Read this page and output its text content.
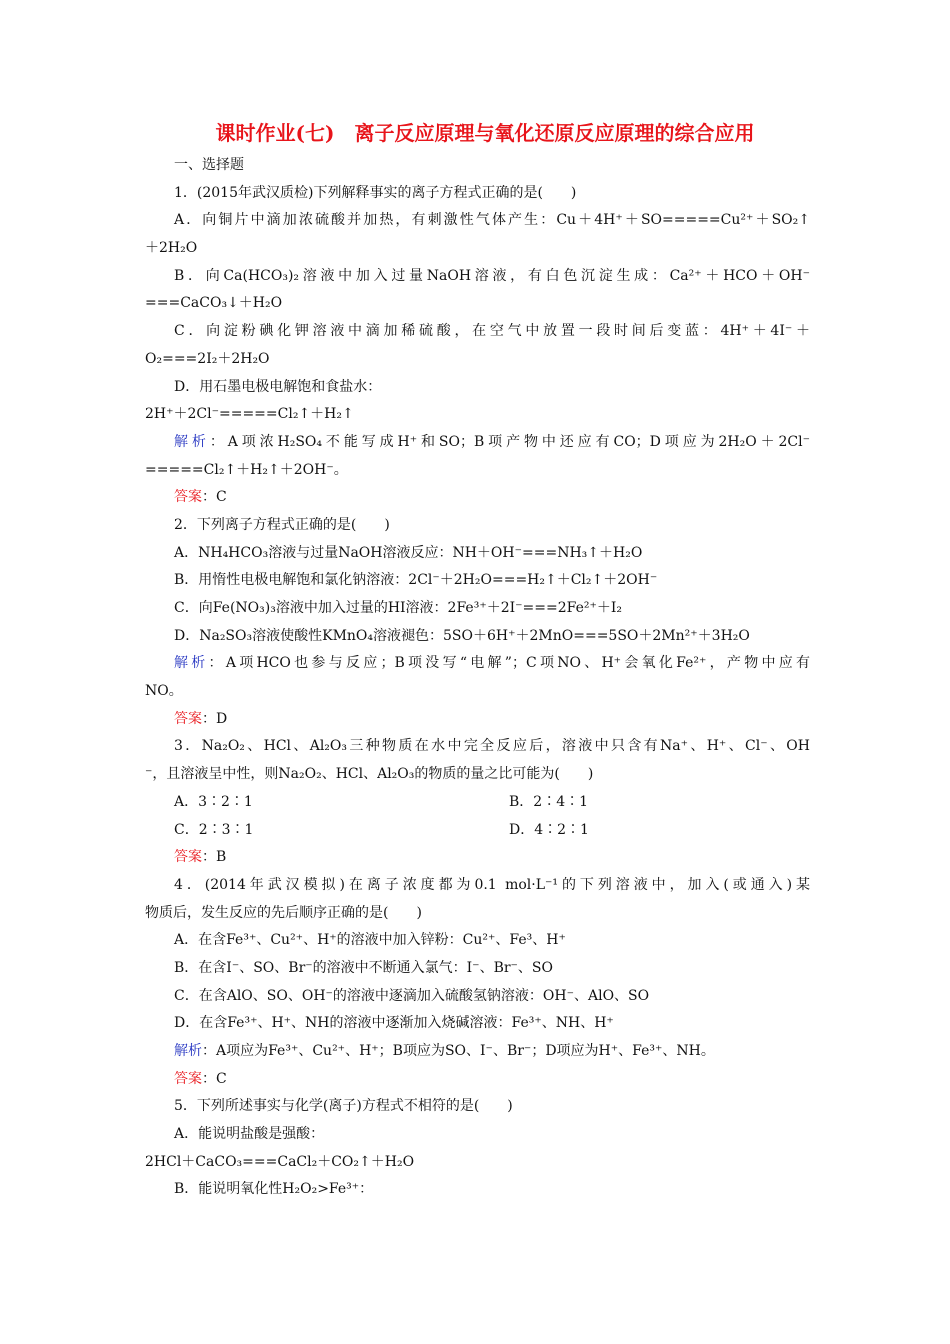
课时作业(七)　离子反应原理与氧化还原反应原理的综合应用
一、选择题
1．(2015年武汉质检)下列解释事实的离子方程式正确的是(　　)
A．向铜片中滴加浓硫酸并加热，有刺激性气体产生：Cu＋4H⁺＋SO=====Cu²⁺＋SO₂↑
＋2H₂O
B．向Ca(HCO₃)₂溶液中加入过量NaOH溶液，有白色沉淀生成：Ca²⁺＋HCO＋OH⁻
===CaCO₃↓＋H₂O
C．向淀粉碘化钾溶液中滴加稀硫酸，在空气中放置一段时间后变蓝：4H⁺＋4I⁻＋
O₂===2I₂＋2H₂O
D．用石墨电极电解饱和食盐水：
2H⁺＋2Cl⁻=====Cl₂↑＋H₂↑
解析：A项浓H₂SO₄不能写成H⁺和SO；B项产物中还应有CO；D项应为2H₂O＋2Cl⁻
=====Cl₂↑＋H₂↑＋2OH⁻。
答案：C
2．下列离子方程式正确的是(　　)
A．NH₄HCO₃溶液与过量NaOH溶液反应：NH＋OH⁻===NH₃↑＋H₂O
B．用惰性电极电解饱和氯化钠溶液：2Cl⁻＋2H₂O===H₂↑＋Cl₂↑＋2OH⁻
C．向Fe(NO₃)₃溶液中加入过量的HI溶液：2Fe³⁺＋2I⁻===2Fe²⁺＋I₂
D．Na₂SO₃溶液使酸性KMnO₄溶液褪色：5SO＋6H⁺＋2MnO===5SO＋2Mn²⁺＋3H₂O
解析：A项HCO也参与反应；B项没写“电解”；C项NO、H⁺会氧化Fe²⁺，产物中应有
NO。
答案：D
3．Na₂O₂、HCl、Al₂O₃三种物质在水中完全反应后，溶液中只含有Na⁺、H⁺、Cl⁻、OH
⁻，且溶液呈中性，则Na₂O₂、HCl、Al₂O₃的物质的量之比可能为(　　)
A．3∶2∶1	B．2∶4∶1
C．2∶3∶1	D．4∶2∶1
答案：B
4．(2014年武汉模拟)在离子浓度都为0.1 mol·L⁻¹的下列溶液中，加入(或通入)某
物质后，发生反应的先后顺序正确的是(　　)
A．在含Fe³⁺、Cu²⁺、H⁺的溶液中加入锌粉：Cu²⁺、Fe³、H⁺
B．在含I⁻、SO、Br⁻的溶液中不断通入氯气：I⁻、Br⁻、SO
C．在含AlO、SO、OH⁻的溶液中逐滴加入硫酸氢钠溶液：OH⁻、AlO、SO
D．在含Fe³⁺、H⁺、NH的溶液中逐渐加入烧碱溶液：Fe³⁺、NH、H⁺
解析：A项应为Fe³⁺、Cu²⁺、H⁺；B项应为SO、I⁻、Br⁻；D项应为H⁺、Fe³⁺、NH。
答案：C
5．下列所述事实与化学(离子)方程式不相符的是(　　)
A．能说明盐酸是强酸：
2HCl＋CaCO₃===CaCl₂＋CO₂↑＋H₂O
B．能说明氧化性H₂O₂>Fe³⁺：
